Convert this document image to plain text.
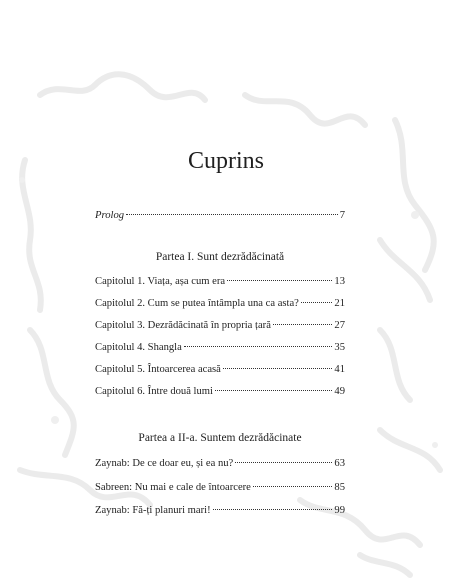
Cuprins
Prolog	7
Partea I. Sunt dezrădăcinată
Capitolul 1. Viața, așa cum era	13
Capitolul 2. Cum se putea întâmpla una ca asta?	21
Capitolul 3. Dezrădăcinată în propria țară	27
Capitolul 4. Shangla	35
Capitolul 5. Întoarcerea acasă	41
Capitolul 6. Între două lumi	49
Partea a II-a. Suntem dezrădăcinate
Zaynab: De ce doar eu, și ea nu?	63
Sabreen: Nu mai e cale de întoarcere	85
Zaynab: Fă-ți planuri mari!	99
